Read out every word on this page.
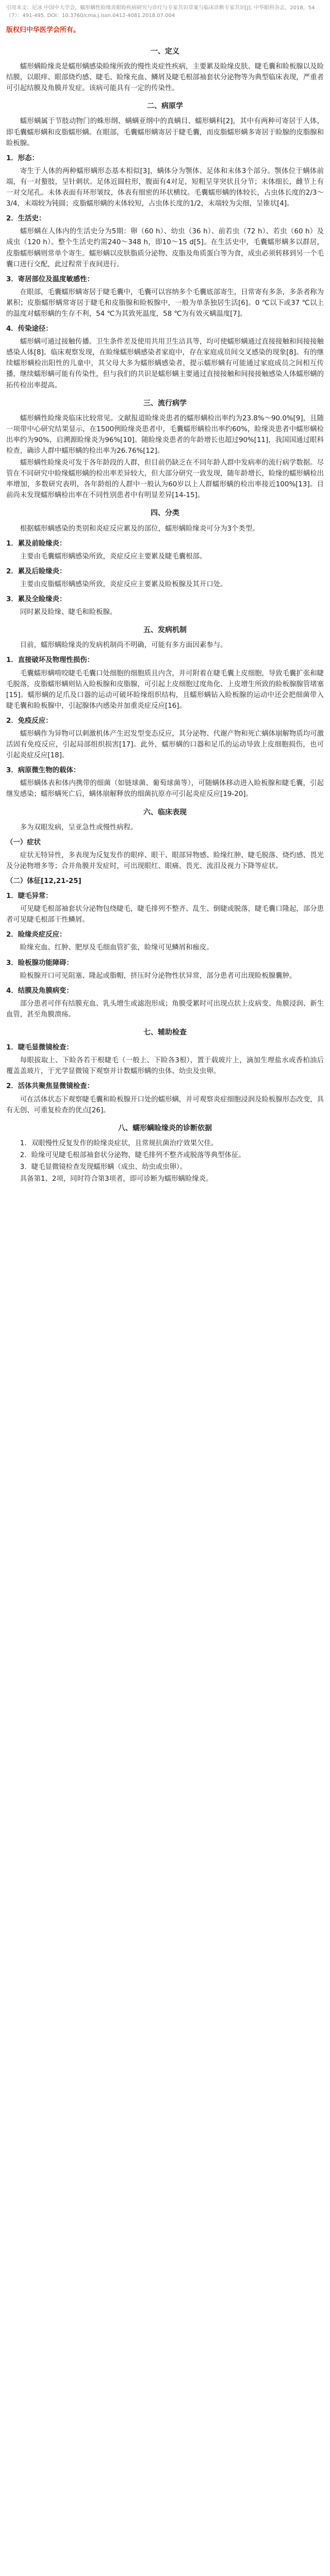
引用本文：尼冰 中国中大学会，蠕形螨性睑缘炎眼睑疾病研究与诊疗与专家共识草案与临床诊断专家共识[J]. 中华眼科杂志，2018，54（7）：491-495. DOI：10.3760/cma.j.issn.0412-4081.2018.07.004
版权归中华医学会所有。
一、定义

蠕形螨睑缘炎是蠕形螨感染睑缘所致的慢性炎症性疾病，主要累及睑缘皮肤、睫毛囊和睑板腺以及睑结膜，以眼痒、眼部烧灼感、睫毛、睑缘充血、鳞屑及睫毛根部袖套状分泌物等为典型临床表现，严重者可引起结膜及角膜并发症。该病可能具有一定的传染性。

二、病原学

蠕形螨属于节肢动物门的蛛形纲、螨螨亚纲中的真螨目、蠕形螨科[2]，其中有两种可寄居于人体，即毛囊蠕形螨和皮脂蠕形螨。在眼部，毛囊蠕形螨寄居于睫毛囊，而皮脂蠕形螨多寄居于睑腺的皮脂腺和睑板腺。

1．形态：

寄生于人体的两种蠕形螨形态基本相似[3]，螨体分为颚体、足体和末体3个部分。颚体位于螨体前端，有一对螯肢，呈针刺状。足体近圆柱形，腹面有4对足，短粗呈芽突状且分节；末体细长，雌节上有一对交尾孔。未体表面有环形皱纹，体表有细密的环状横纹。毛囊蠕形螨的体较长，占虫体长度的2/3～3/4，末端较为钝圆；皮脂蠕形螨的末体较短，占虫体长度的1/2，末端较为尖细，呈锥状[4]。

2．生活史：

蠕形螨在人体内的生活史分为5期：卵（60 h）、幼虫（36 h）、前若虫（72 h）、若虫（60 h）及成虫（120 h）。整个生活史约需240～348 h，即10～15 d[5]。在生活史中，毛囊蠕形螨多以群居，皮脂蠕形螨则常单个寄生。蠕形螨以皮肤脂质分泌物、皮脂及角质蛋白等为食，成虫必须转移到另一个毛囊口进行交配，此过程常于夜间进行。

3．寄居部位及温度敏感性：

在眼部，毛囊蠕形螨寄居于睫毛囊中，毛囊可以容纳多个毛囊底部寄生，日常寄有多条，多条者称为累积；皮脂蠕形螨常寄居于睫毛和皮脂腺和睑板腺中，一般为单条独居生活[6]。0 ℃以下或37 ℃以上的温度对蠕形螨的生存不利，54 ℃为其致死温度，58 ℃为有效灭螨温度[7]。

4．传染途径：

蠕形螨可通过接触传播。卫生条件差及使用共用卫生洁具等，均可使蠕形螨通过直接接触和间接接触感染人体[8]。临床观察发现，在睑缘蠕形螨感染者家庭中，存在家庭成员间交叉感染的现象[8]。有的继续蠕形螨检出阳性的儿童中，其父母大多为蠕形螨感染者，提示蠕形螨有可能通过家庭成员之间相互传播，继续蠕形螨可能有传染性，但与我们的共识是蠕形螨主要通过直接接触和间接接触感染人体蠕形螨的拓传检出率提高。

三、流行病学

蠕形螨性睑缘炎临床比较常见。文献报道睑缘炎患者的蠕形螨检出率约为23.8%～90.0%[9]，且随一项带中心研究结果显示，在1500例睑缘炎患者中，毛囊蠕形螨检出率约60%，睑缘炎患者中蠕形螨检出率约为90%，启溯源睑缘炎为96%[10]。随睑缘炎患者的年龄增长也超过90%[11]，我国国通过眼科检查，确诊人群中蠕形螨的检出率为26.76%[12]。

蠕形螨性睑缘炎可发于各年龄段的人群，但目前仍缺乏在不同年龄人群中发病率的流行病学数据。尽管在不同研究中睑缘蠕形螨的检出率差异较大，但大部分研究一致发现，随年龄增长，睑缘的蠕形螨检出率增加，多数研究表明，各年龄组的人群中一般认为60岁以上人群蠕形螨的检出率接近100%[13]。目前尚未发现蠕形螨检出率在不同性别患者中有明显差异[14-15]。

四、分类

根据蠕形螨感染的类别和炎症反应累及的部位，蠕形螨睑缘炎可分为3个类型。

1．累及前睑缘炎：

主要由毛囊蠕形螨感染所致，炎症反应主要累及睫毛囊根部。

2．累及后睑缘炎：

主要由皮脂蠕形螨感染所致，炎症反应主要累及睑板腺及其开口处。

3．累及全睑缘炎：

同时累及睑缘、睫毛和睑板腺。

五、发病机制

目前，蠕形螨睑缘炎的发病机制尚不明确，可能有多方面因素参与。

1．直接破坏及物理性损伤：

毛囊蠕形螨啃咬睫毛毛囊口处细胞的细胞质且内含，并可附着在睫毛囊上皮细胞，导致毛囊扩张和睫毛脱落，皮脂蠕形螨则钻入睑板腺和皮脂腺，可引起上皮细胞过度角化、上皮增生所致的睑板腺腺管堵塞[15]。蠕形螨的足爪及口器的运动可破坏睑缘组织结构，且蠕形螨钻入睑板腺的运动中还会把细菌带入睫毛囊和睑板腺中，引起腺体内感染并加重炎症反应[16]。

2．免疫反应：

蠕形螨作为异物可以刺激机体产生迟发型变态反应，其分泌物、代谢产物和死亡螨体崩解物质均可激活固有免疫反应，引起局部组织损害[17]。此外，蠕形螨的口器和足爪的运动导致上皮细胞损伤，也可引起炎症反应[18]。

3．病原微生物的载体：

蠕形螨体表和体内携带的细菌（如链球菌、葡萄球菌等），可随螨体移动进入睑板腺和睫毛囊，引起继发感染；蠕形螨死亡后，螨体崩解释放的细菌抗原亦可引起炎症反应[19-20]。

六、临床表现

多为双眼发病，呈亚急性或慢性病程。

（一）症状

症状无特异性，多表现为反复发作的眼痒、眼干、眼部异物感、睑缘红肿、睫毛脱落、烧灼感、畏光及分泌物增多等；合并角膜并发症时，可出现眼红、眼痛、畏光、流泪及视力下降等症状。

（二）体征[12,21-25]
1．睫毛异常：

可见睫毛根部袖套状分泌物包绕睫毛，睫毛排列不整齐、乱生、倒睫或脱落，睫毛囊口隆起，部分患者可见睫毛根部干性鳞屑。

2．睑缘炎症反应：

睑缘充血、红肿、肥厚及毛细血管扩张，睑缘可见鳞屑和痂皮。

3．睑板腺功能障碍：

睑板腺开口可见阻塞、隆起或脂帽，挤压时分泌物性状异常，部分患者可出现睑板腺囊肿。

4．结膜及角膜病变：

部分患者可伴有结膜充血、乳头增生或滤泡形成；角膜受累时可出现点状上皮病变、角膜浸润、新生血管，甚至角膜溃疡。

七、辅助检查
1．睫毛显微镜检查：

每眼拔取上、下睑各若干根睫毛（一般上、下睑各3根），置于载玻片上，滴加生理盐水或香柏油后覆盖盖玻片，于光学显微镜下观察并计数蠕形螨的虫体、幼虫及虫卵。

2．活体共聚焦显微镜检查：

可在活体状态下观察睫毛囊和睑板腺开口处的蠕形螨，并可观察炎症细胞浸润及睑板腺形态改变，具有无创、可重复检查的优点[26]。

八、蠕形螨睑缘炎的诊断依据

1．双眼慢性反复发作的睑缘炎症状，且常规抗菌治疗效果欠佳。

2．睑缘可见睫毛根部袖套状分泌物、睫毛排列不整齐或脱落等典型体征。

3．睫毛显微镜检查发现蠕形螨（成虫、幼虫或虫卵）。

具备第1、2项，同时符合第3项者，即可诊断为蠕形螨睑缘炎。
